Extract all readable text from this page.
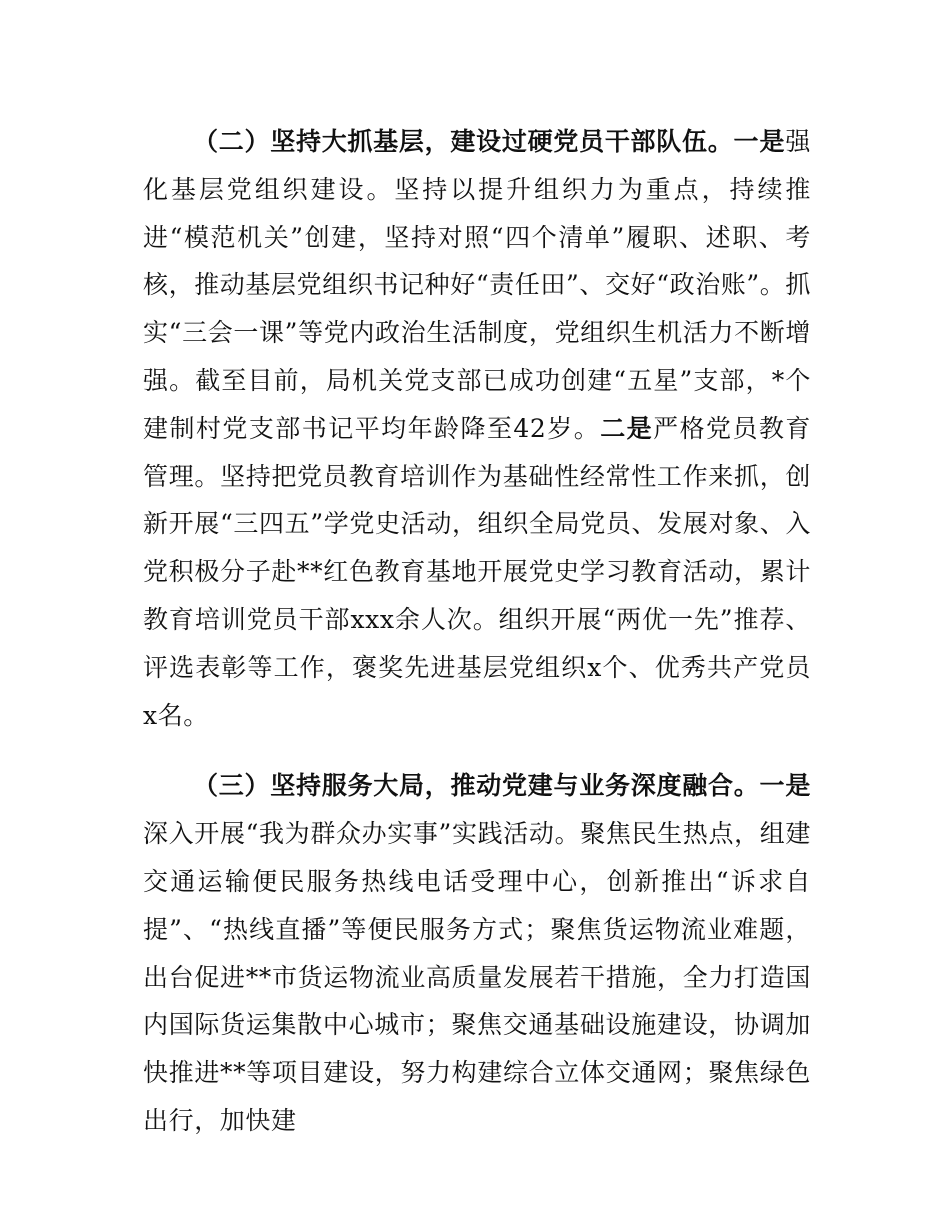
（二）坚持大抓基层，建设过硬党员干部队伍。一是强化基层党组织建设。坚持以提升组织力为重点，持续推进“模范机关”创建，坚持对照“四个清单”履职、述职、考核，推动基层党组织书记种好“责任田”、交好“政治账”。抓实“三会一课”等党内政治生活制度，党组织生机活力不断增强。截至目前，局机关党支部已成功创建“五星”支部，*个建制村党支部书记平均年龄降至42岁。二是严格党员教育管理。坚持把党员教育培训作为基础性经常性工作来抓，创新开展“三四五”学党史活动，组织全局党员、发展对象、入党积极分子赴**红色教育基地开展党史学习教育活动，累计教育培训党员干部xxx余人次。组织开展“两优一先”推荐、评选表彰等工作，褒奖先进基层党组织x个、优秀共产党员x名。

（三）坚持服务大局，推动党建与业务深度融合。一是深入开展“我为群众办实事”实践活动。聚焦民生热点，组建交通运输便民服务热线电话受理中心，创新推出“诉求自提”、“热线直播”等便民服务方式；聚焦货运物流业难题，出台促进**市货运物流业高质量发展若干措施，全力打造国内国际货运集散中心城市；聚焦交通基础设施建设，协调加快推进**等项目建设，努力构建综合立体交通网；聚焦绿色出行，加快建
